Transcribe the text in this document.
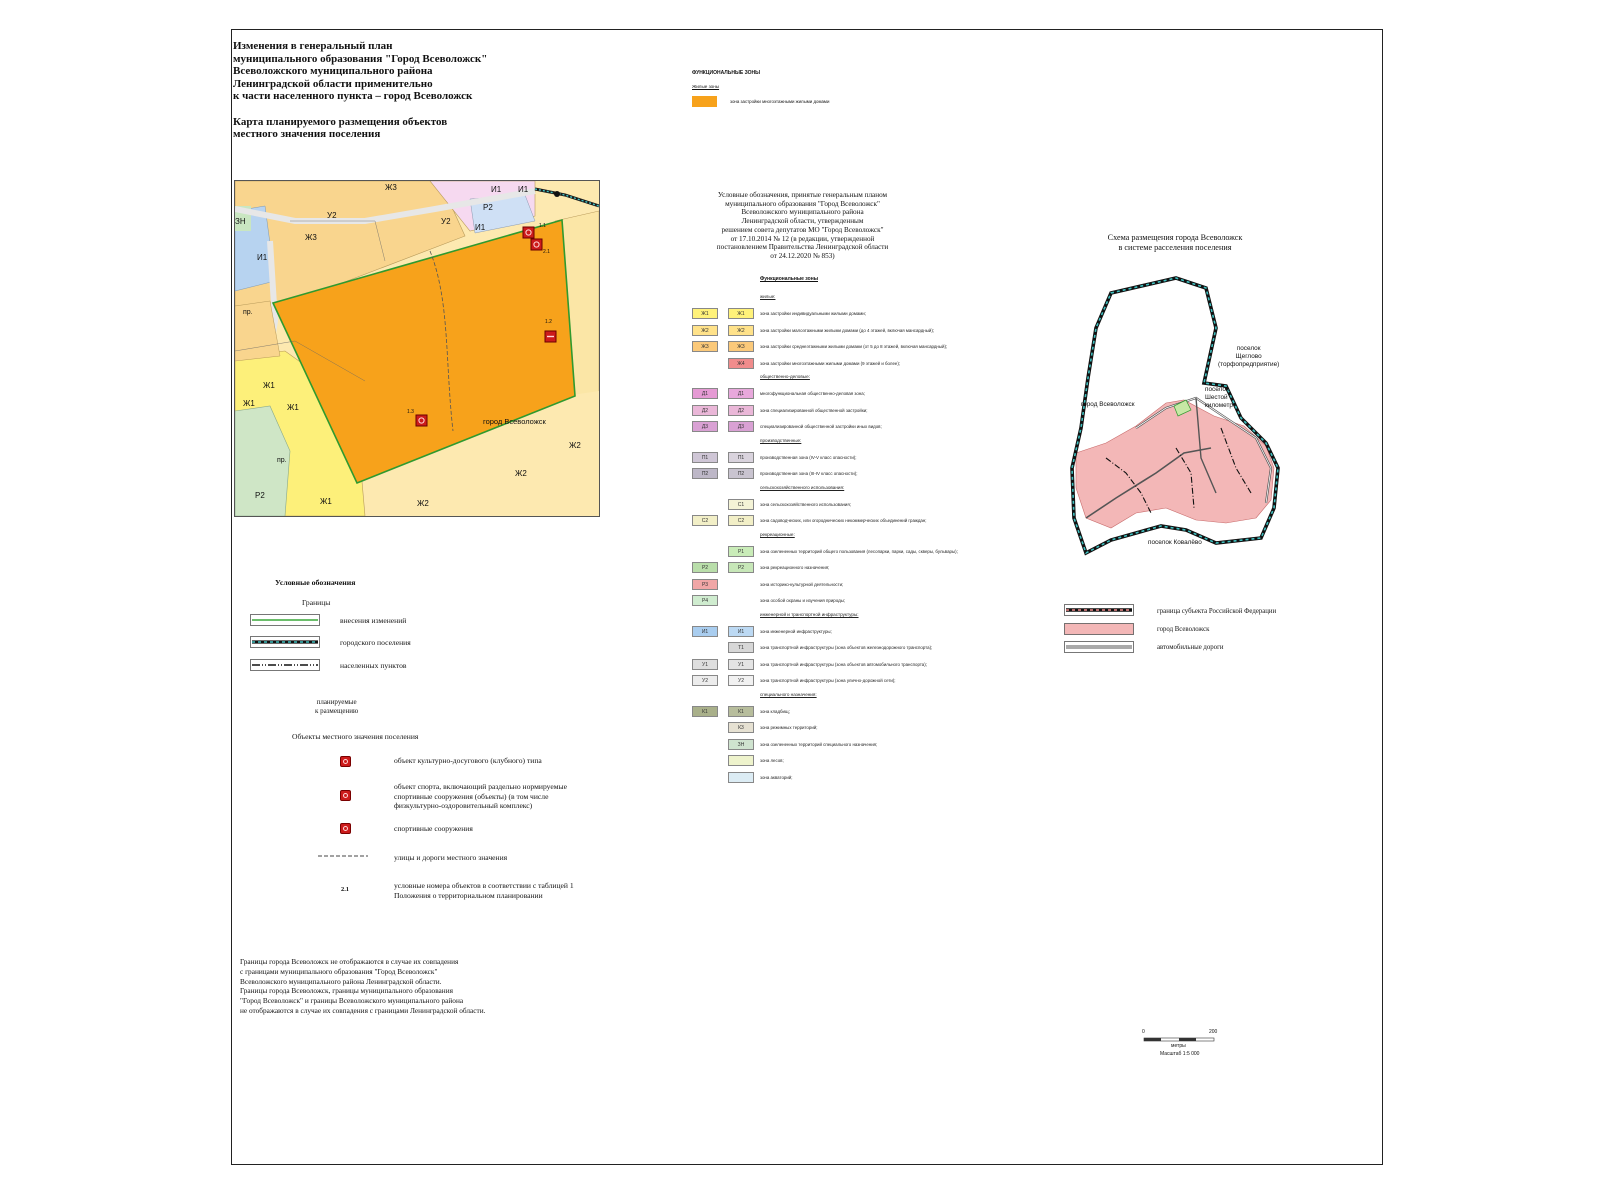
Изменения в генеральный план
муниципального образования "Город Всеволожск"
Всеволожского муниципального района
Ленинградской области применительно
к части населенного пункта – город Всеволожск
Карта планируемого размещения объектов
местного значения поселения
Ж3	И1 И1
Р2
У2
У2
Ж3
И1
ЗН
И1
пр.
Ж1
Ж1
Ж1
пр.
Р2
Ж1
Ж2
Ж2
Ж2
1.1
2.1
1.2
1.3
город Всеволожск
ФУНКЦИОНАЛЬНЫЕ ЗОНЫ
Жилые зоны
зона застройки многоэтажными жилыми домами
Условные обозначения, принятые генеральным планом
муниципального образования "Город Всеволожск"
Всеволожского муниципального района
Ленинградской области, утвержденным
решением совета депутатов МО "Город Всеволожск"
от 17.10.2014 № 12 (в редакции, утвержденной
постановлением Правительства Ленинградской области
от 24.12.2020 № 853)
Функциональные зоны
жилые:
Ж1	Ж1	зона застройки индивидуальными жилыми домами;
Ж2	Ж2	зона застройки малоэтажными жилыми домами (до 4 этажей, включая мансардный);
Ж3	Ж3	зона застройки среднеэтажными жилыми домами (от 5 до 8 этажей, включая мансардный);
Ж4	зона застройки многоэтажными жилыми домами (9 этажей и более);
общественно-деловые:
Д1	Д1	многофункциональная общественно-деловая зона;
Д2	Д2	зона специализированной общественной застройки;
Д3	Д3	специализированной общественной застройки иных видов;
производственные:
П1	П1	производственная зона (IV-V класс опасности);
П2	П2	производственная зона (III-IV класс опасности);
сельскохозяйственного использования:
С1	зона сельскохозяйственного использования;
С2	С2	зона садоводческих, или огороднических некоммерческих объединений граждан;
рекреационные:
Р1	зона озелененных территорий общего пользования (лесопарки, парки, сады, скверы, бульвары);
Р2	Р2	зона рекреационного назначения;
Р3	зона историко-культурной деятельности;
Р4	зона особой охраны и изучения природы;
инженерной и транспортной инфраструктуры:
И1	И1	зона инженерной инфраструктуры;
Т1	зона транспортной инфраструктуры (зона объектов железнодорожного транспорта);
У1	У1	зона транспортной инфраструктуры (зона объектов автомобильного транспорта);
У2	У2	зона транспортной инфраструктуры (зона улично-дорожной сети);
специального назначения:
К1	К1	зона кладбищ;
К3	зона режимных территорий;
ЗН	зона озелененных территорий специального назначения;
зона лесов;
зона акваторий;
Условные обозначения
Границы
внесения изменений
городского поселения
населенных пунктов
планируемые
к размещению
Объекты местного значения поселения
объект культурно-досугового (клубного) типа
объект спорта, включающий раздельно нормируемые
спортивные сооружения (объекты) (в том числе
физкультурно-оздоровительный комплекс)
спортивные сооружения
улицы и дороги местного значения
2.1	условные номера объектов в соответствии с таблицей 1
Положения о территориальном планировании
Границы города Всеволожск не отображаются в случае их совпадения
с границами муниципального образования "Город Всеволожск"
Всеволожского муниципального района Ленинградской области.
Границы города Всеволожск, границы муниципального образования
"Город Всеволожск" и границы Всеволожского муниципального района
не отображаются в случае их совпадения с границами Ленинградской области.
Схема размещения города Всеволожск
в системе расселения поселения
город Всеволожск
поселок
Щеглово
(торфопредприятие)
поселок
Шестой
километр
поселок Ковалёво
граница субъекта Российской Федерации
город Всеволожск
автомобильные дороги
0	200
метры
Масштаб 1:5 000
